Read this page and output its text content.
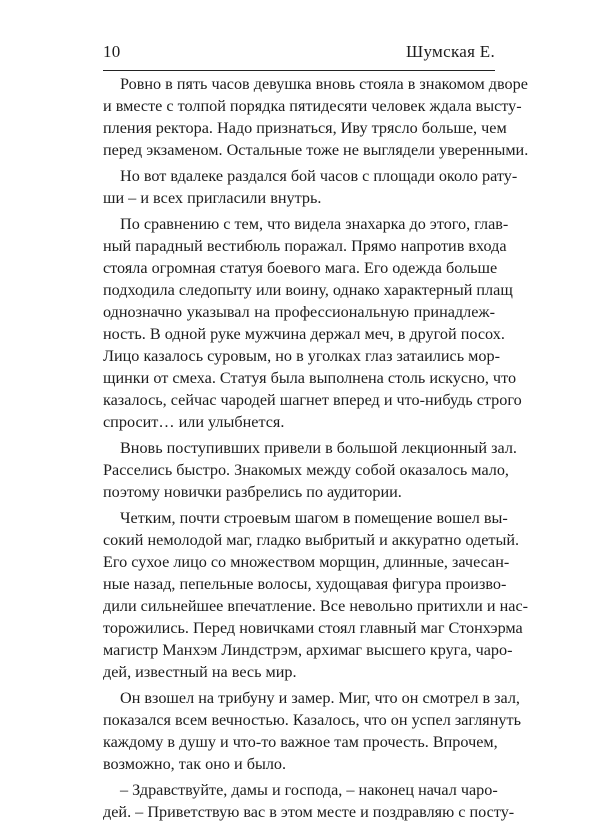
10	Шумская Е.
Ровно в пять часов девушка вновь стояла в знакомом дворе
и вместе с толпой порядка пятидесяти человек ждала высту-
пления ректора. Надо признаться, Иву трясло больше, чем
перед экзаменом. Остальные тоже не выглядели уверенными.
Но вот вдалеке раздался бой часов с площади около рату-
ши – и всех пригласили внутрь.
По сравнению с тем, что видела знахарка до этого, глав-
ный парадный вестибюль поражал. Прямо напротив входа
стояла огромная статуя боевого мага. Его одежда больше
подходила следопыту или воину, однако характерный плащ
однозначно указывал на профессиональную принадлеж-
ность. В одной руке мужчина держал меч, в другой посох.
Лицо казалось суровым, но в уголках глаз затаились мор-
щинки от смеха. Статуя была выполнена столь искусно, что
казалось, сейчас чародей шагнет вперед и что-нибудь строго
спросит… или улыбнется.
Вновь поступивших привели в большой лекционный зал.
Расселись быстро. Знакомых между собой оказалось мало,
поэтому новички разбрелись по аудитории.
Четким, почти строевым шагом в помещение вошел вы-
сокий немолодой маг, гладко выбритый и аккуратно одетый.
Его сухое лицо со множеством морщин, длинные, зачесан-
ные назад, пепельные волосы, худощавая фигура произво-
дили сильнейшее впечатление. Все невольно притихли и нас-
торожились. Перед новичками стоял главный маг Стонхэрма
магистр Манхэм Линдстрэм, архимаг высшего круга, чаро-
дей, известный на весь мир.
Он взошел на трибуну и замер. Миг, что он смотрел в зал,
показался всем вечностью. Казалось, что он успел заглянуть
каждому в душу и что-то важное там прочесть. Впрочем,
возможно, так оно и было.
– Здравствуйте, дамы и господа, – наконец начал чаро-
дей. – Приветствую вас в этом месте и поздравляю с посту-
